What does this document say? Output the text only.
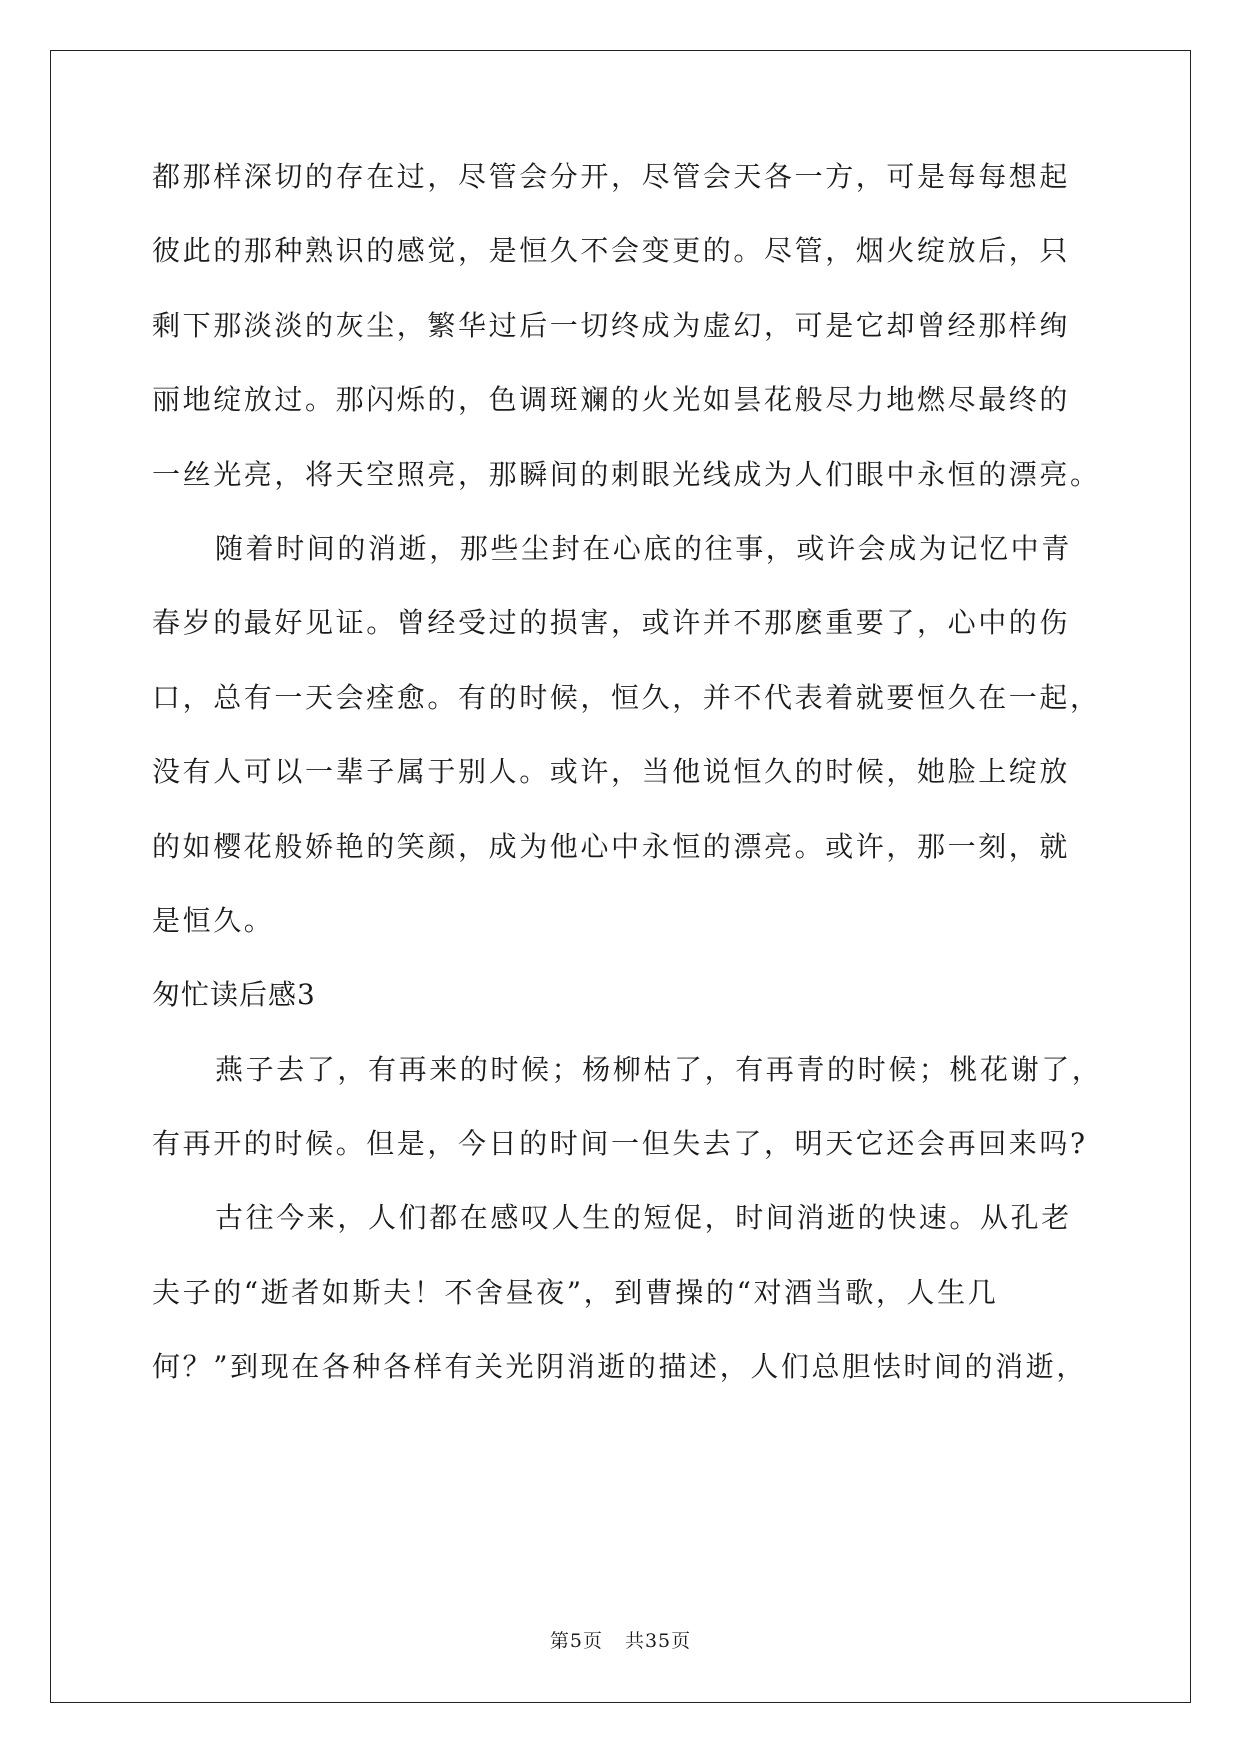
都那样深切的存在过，尽管会分开，尽管会天各一方，可是每每想起
彼此的那种熟识的感觉，是恒久不会变更的。尽管，烟火绽放后，只
剩下那淡淡的灰尘，繁华过后一切终成为虚幻，可是它却曾经那样绚
丽地绽放过。那闪烁的，色调斑斓的火光如昙花般尽力地燃尽最终的
一丝光亮，将天空照亮，那瞬间的刺眼光线成为人们眼中永恒的漂亮。
随着时间的消逝，那些尘封在心底的往事，或许会成为记忆中青
春岁的最好见证。曾经受过的损害，或许并不那麽重要了，心中的伤
口，总有一天会痊愈。有的时候，恒久，并不代表着就要恒久在一起，
没有人可以一辈子属于别人。或许，当他说恒久的时候，她脸上绽放
的如樱花般娇艳的笑颜，成为他心中永恒的漂亮。或许，那一刻，就
是恒久。
匆忙读后感3
燕子去了，有再来的时候；杨柳枯了，有再青的时候；桃花谢了，
有再开的时候。但是，今日的时间一但失去了，明天它还会再回来吗?
古往今来，人们都在感叹人生的短促，时间消逝的快速。从孔老
夫子的“逝者如斯夫！不舍昼夜”，到曹操的“对酒当歌，人生几
何？”到现在各种各样有关光阴消逝的描述，人们总胆怯时间的消逝，
第5页 共35页
